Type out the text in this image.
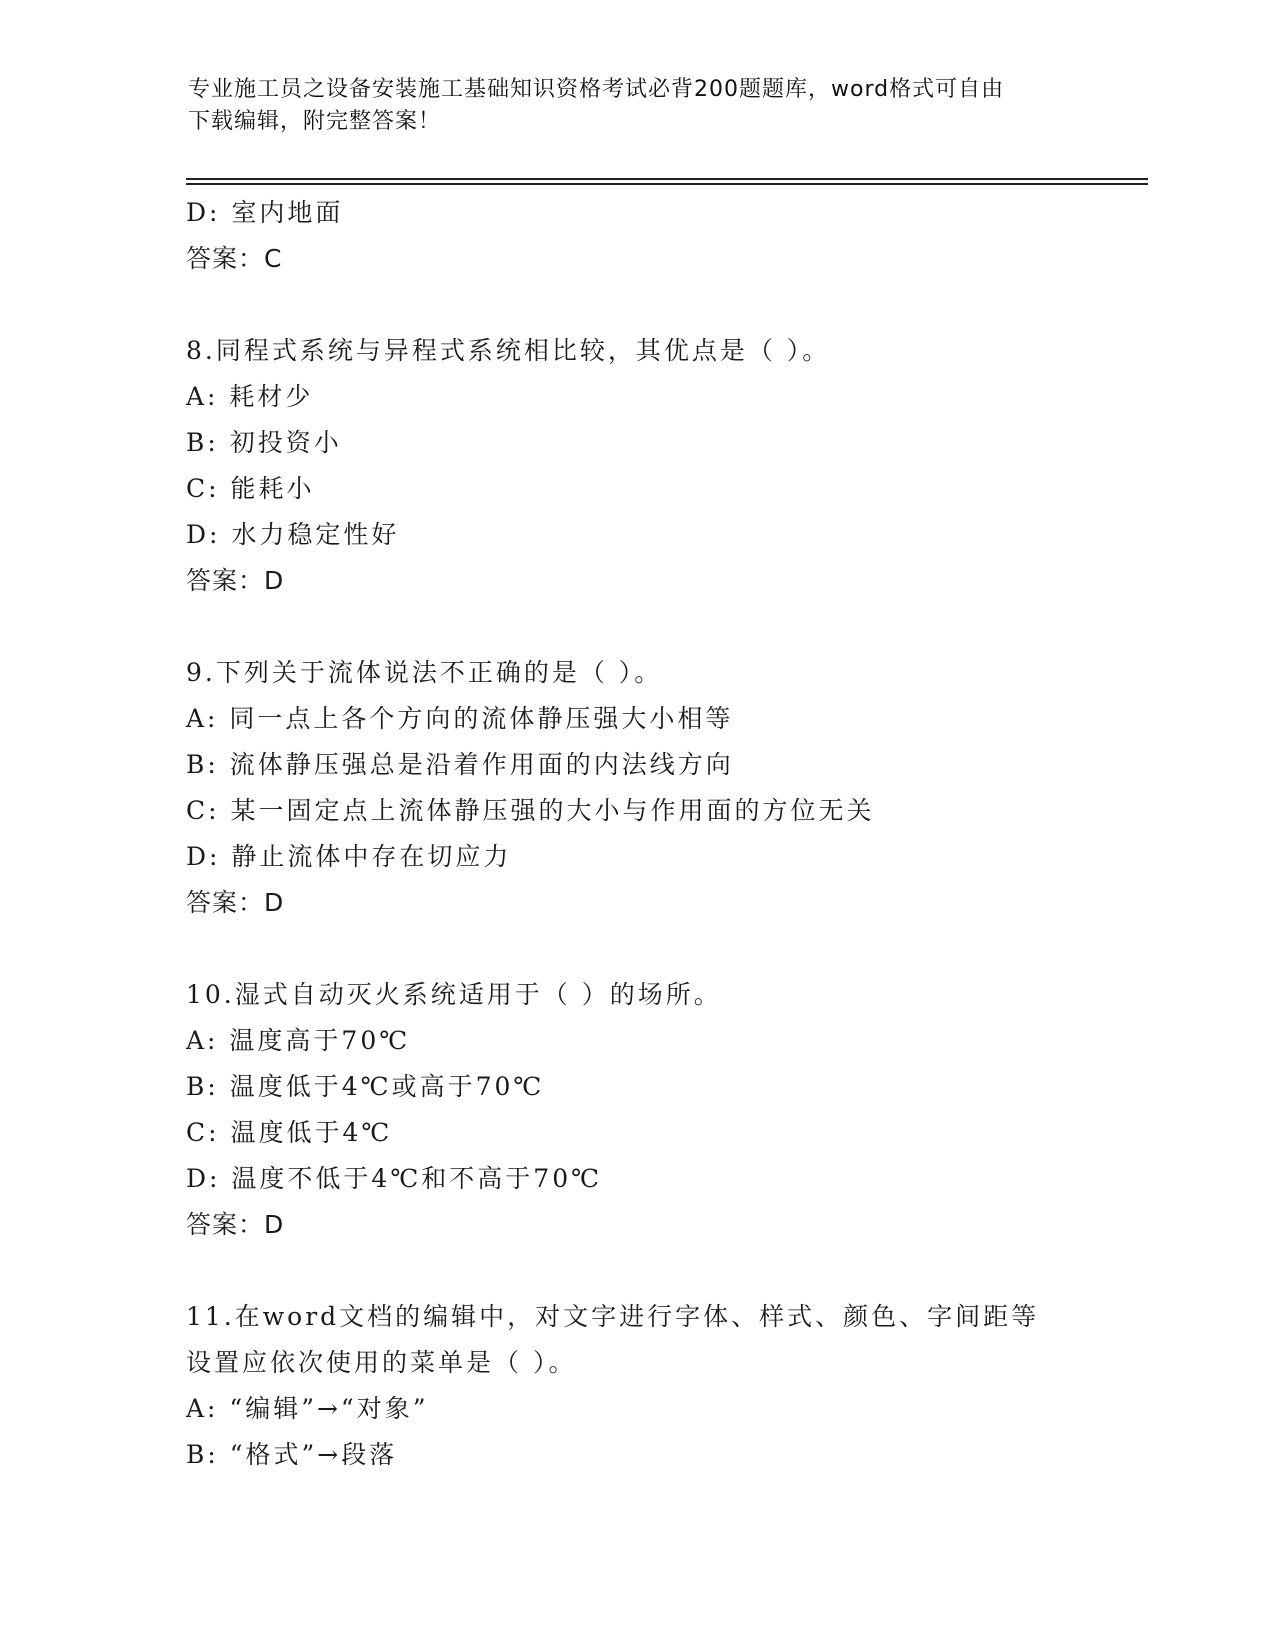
专业施工员之设备安装施工基础知识资格考试必背200题题库，word格式可自由
下载编辑，附完整答案！
D: 室内地面
答案：C
8.同程式系统与异程式系统相比较，其优点是（ ）。
A: 耗材少
B: 初投资小
C: 能耗小
D: 水力稳定性好
答案：D
9.下列关于流体说法不正确的是（ ）。
A: 同一点上各个方向的流体静压强大小相等
B: 流体静压强总是沿着作用面的内法线方向
C: 某一固定点上流体静压强的大小与作用面的方位无关
D: 静止流体中存在切应力
答案：D
10.湿式自动灭火系统适用于（ ）的场所。
A: 温度高于70℃
B: 温度低于4℃或高于70℃
C: 温度低于4℃
D: 温度不低于4℃和不高于70℃
答案：D
11.在word文档的编辑中，对文字进行字体、样式、颜色、字间距等
设置应依次使用的菜单是（ ）。
A: “编辑”→“对象”
B: “格式”→段落
